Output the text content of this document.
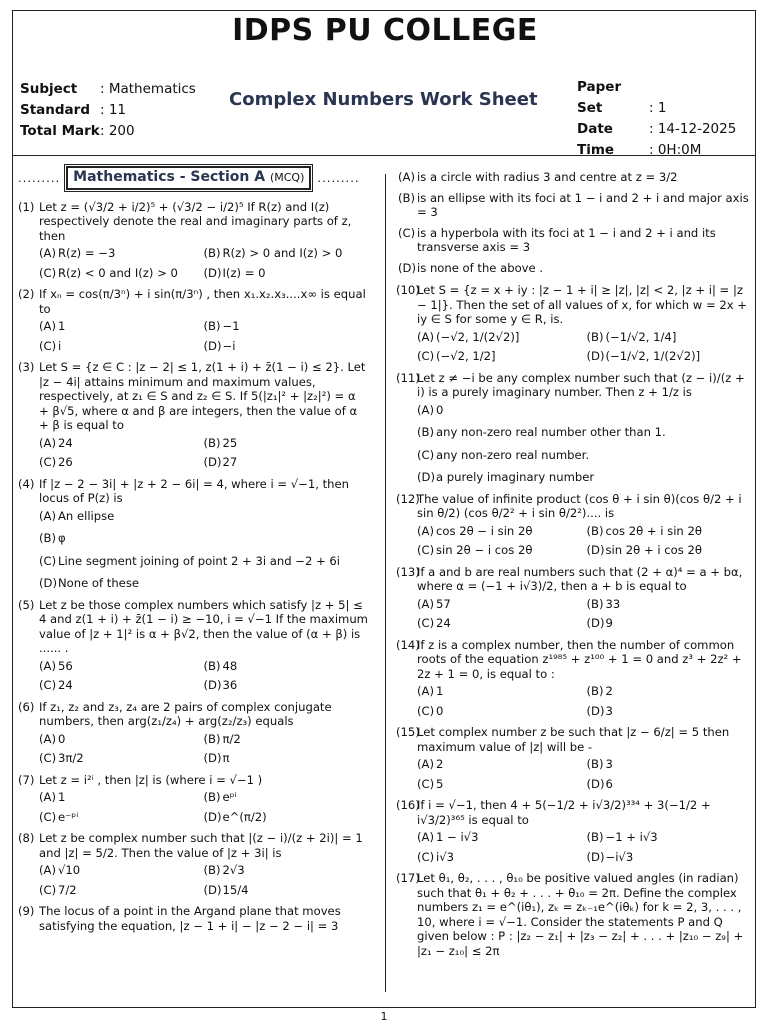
IDPS PU COLLEGE
Subject : Mathematics
Standard : 11
Total Mark: 200
Complex Numbers Work Sheet
Paper Set	: 1
Date	: 14-12-2025
Time	: 0H:0M
......... Mathematics - Section A (MCQ)	.........
(1) Let z = (√3/2 + i/2)⁵ + (√3/2 − i/2)⁵ If R(z) and I(z) respectively denote the real and imaginary parts of z, then
(A) R(z) = −3	(B) R(z) > 0 and I(z) > 0
(C) R(z) < 0 and I(z) > 0	(D)I(z) = 0
(2) If xₙ = cos(π/3ⁿ) + i sin(π/3ⁿ) , then x₁.x₂.x₃....x∞ is equal to
(A) 1	(B) −1
(C) i	(D)−i
(3) Let S = {z ∈ C : |z − 2| ≤ 1, z(1 + i) + z̄(1 − i) ≤ 2}. Let |z − 4i| attains minimum and maximum values, respectively, at z₁ ∈ S and z₂ ∈ S. If 5(|z₁|² + |z₂|²) = α + β√5, where α and β are integers, then the value of α + β is equal to
(A) 24	(B) 25
(C) 26	(D)27
(4) If |z − 2 − 3i| + |z + 2 − 6i| = 4, where i = √−1, then locus of P(z) is
(A) An ellipse
(B) φ
(C) Line segment joining of point 2 + 3i and −2 + 6i
(D)None of these
(5) Let z be those complex numbers which satisfy |z + 5| ≤ 4 and z(1 + i) + z̄(1 − i) ≥ −10, i = √−1 If the maximum value of |z + 1|² is α + β√2, then the value of (α + β) is ...... .
(A) 56	(B) 48
(C) 24	(D)36
(6) If z₁, z₂ and z₃, z₄ are 2 pairs of complex conjugate numbers, then arg(z₁/z₄) + arg(z₂/z₃) equals
(A) 0	(B) π/2
(C) 3π/2	(D)π
(7) Let z = i²ⁱ , then |z| is (where i = √−1 )
(A) 1	(B) eᵖⁱ
(C) e⁻ᵖⁱ	(D)e^(π/2)
(8) Let z be complex number such that |(z − i)/(z + 2i)| = 1 and |z| = 5/2. Then the value of |z + 3i| is
(A) √10	(B) 2√3
(C) 7/2	(D)15/4
(9) The locus of a point in the Argand plane that moves satisfying the equation, |z − 1 + i| − |z − 2 − i| = 3
(A) is a circle with radius 3 and centre at z = 3/2
(B) is an ellipse with its foci at 1 − i and 2 + i and major axis = 3
(C) is a hyperbola with its foci at 1 − i and 2 + i and its transverse axis = 3
(D) is none of the above .
(10)
Let S = {z = x + iy : |z − 1 + i| ≥ |z|, |z| < 2, |z + i| = |z − 1|}. Then the set of all values of x, for which w = 2x + iy ∈ S for some y ∈ R, is.
(A) (−√2, 1/(2√2)]	(B) (−1/√2, 1/4]
(C) (−√2, 1/2]	(D)(−1/√2, 1/(2√2)]
(11)
Let z ≠ −i be any complex number such that (z − i)/(z + i) is a purely imaginary number. Then z + 1/z is
(A) 0
(B) any non-zero real number other than 1.
(C) any non-zero real number.
(D)a purely imaginary number
(12)
The value of infinite product (cos θ + i sin θ)(cos θ/2 + i sin θ/2) (cos θ/2² + i sin θ/2²).... is
(A) cos 2θ − i sin 2θ	(B) cos 2θ + i sin 2θ
(C) sin 2θ − i cos 2θ	(D)sin 2θ + i cos 2θ
(13)
If a and b are real numbers such that (2 + α)⁴ = a + bα, where α = (−1 + i√3)/2, then a + b is equal to
(A) 57	(B) 33
(C) 24	(D)9
(14)
If z is a complex number, then the number of common roots of the equation z¹⁹⁸⁵ + z¹⁰⁰ + 1 = 0 and z³ + 2z² + 2z + 1 = 0, is equal to :
(A) 1	(B) 2
(C) 0	(D)3
(15)
Let complex number z be such that |z − 6/z| = 5 then maximum value of |z| will be -
(A) 2	(B) 3
(C) 5	(D)6
(16)
If i = √−1, then 4 + 5(−1/2 + i√3/2)³³⁴ + 3(−1/2 + i√3/2)³⁶⁵ is equal to
(A) 1 − i√3	(B) −1 + i√3
(C) i√3	(D)−i√3
(17)
Let θ₁, θ₂, . . . , θ₁₀ be positive valued angles (in radian) such that θ₁ + θ₂ + . . . + θ₁₀ = 2π. Define the complex numbers z₁ = e^(iθ₁), zₖ = zₖ₋₁e^(iθₖ) for k = 2, 3, . . . , 10, where i = √−1. Consider the statements P and Q given below : P : |z₂ − z₁| + |z₃ − z₂| + . . . + |z₁₀ − z₉| + |z₁ − z₁₀| ≤ 2π
1
